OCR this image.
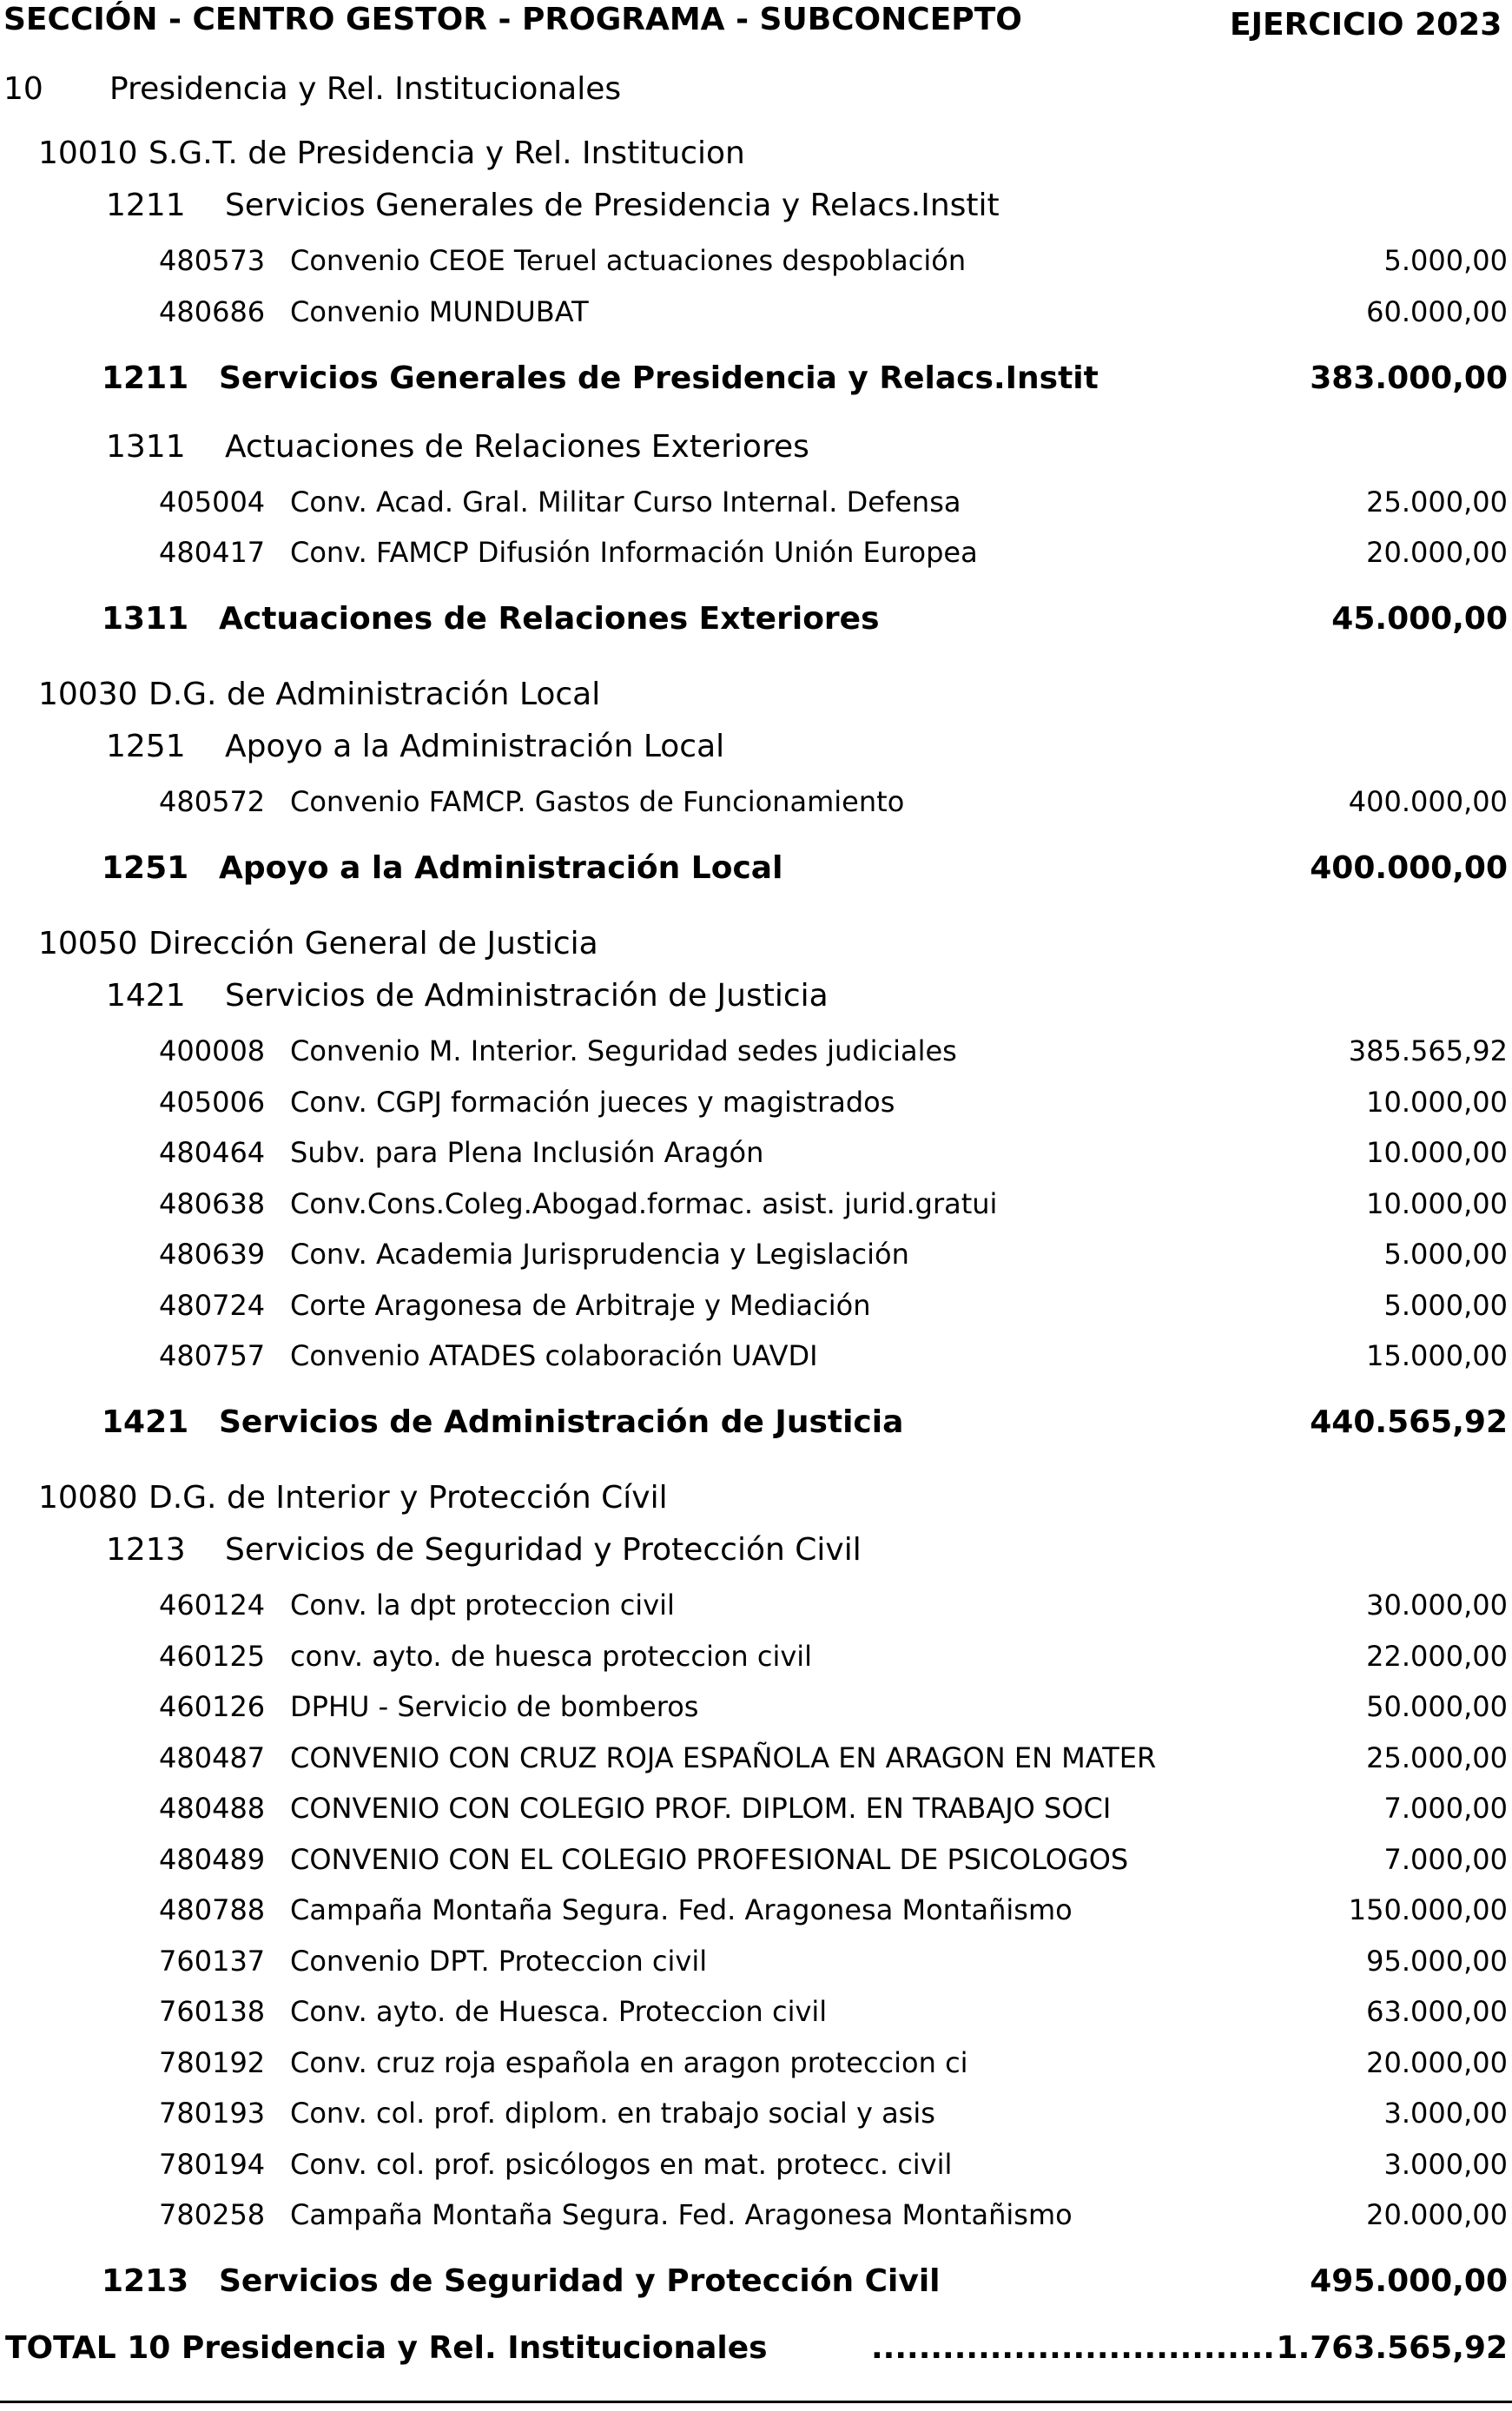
SECCIÓN - CENTRO GESTOR - PROGRAMA - SUBCONCEPTO	EJERCICIO 2023
10 Presidencia y Rel. Institucionales
10010 S.G.T. de Presidencia y Rel. Institucion
1211 Servicios Generales de Presidencia y Relacs.Instit
480573 Convenio CEOE Teruel actuaciones despoblación	5.000,00
480686 Convenio MUNDUBAT	60.000,00
1211 Servicios Generales de Presidencia y Relacs.Instit	383.000,00
1311 Actuaciones de Relaciones Exteriores
405004 Conv. Acad. Gral. Militar Curso Internal. Defensa	25.000,00
480417 Conv. FAMCP Difusión Información Unión Europea	20.000,00
1311 Actuaciones de Relaciones Exteriores	45.000,00
10030 D.G. de Administración Local
1251 Apoyo a la Administración Local
480572 Convenio FAMCP. Gastos de Funcionamiento	400.000,00
1251 Apoyo a la Administración Local	400.000,00
10050 Dirección General de Justicia
1421 Servicios de Administración de Justicia
400008 Convenio M. Interior. Seguridad sedes judiciales	385.565,92
405006 Conv. CGPJ formación jueces y magistrados	10.000,00
480464 Subv. para Plena Inclusión Aragón	10.000,00
480638 Conv.Cons.Coleg.Abogad.formac. asist. jurid.gratui	10.000,00
480639 Conv. Academia Jurisprudencia y Legislación	5.000,00
480724 Corte Aragonesa de Arbitraje y Mediación	5.000,00
480757 Convenio ATADES colaboración UAVDI	15.000,00
1421 Servicios de Administración de Justicia	440.565,92
10080 D.G. de Interior y Protección Cívil
1213 Servicios de Seguridad y Protección Civil
460124 Conv. la dpt proteccion civil	30.000,00
460125 conv. ayto. de huesca proteccion civil	22.000,00
460126 DPHU - Servicio de bomberos	50.000,00
480487 CONVENIO CON CRUZ ROJA ESPAÑOLA EN ARAGON EN MATER	25.000,00
480488 CONVENIO CON COLEGIO PROF. DIPLOM. EN TRABAJO SOCI	7.000,00
480489 CONVENIO CON EL COLEGIO PROFESIONAL DE PSICOLOGOS	7.000,00
480788 Campaña Montaña Segura. Fed. Aragonesa Montañismo	150.000,00
760137 Convenio DPT. Proteccion civil	95.000,00
760138 Conv. ayto. de Huesca. Proteccion civil	63.000,00
780192 Conv. cruz roja española en aragon proteccion ci	20.000,00
780193 Conv. col. prof. diplom. en trabajo social y asis	3.000,00
780194 Conv. col. prof. psicólogos en mat. protecc. civil	3.000,00
780258 Campaña Montaña Segura. Fed. Aragonesa Montañismo	20.000,00
1213 Servicios de Seguridad y Protección Civil	495.000,00
TOTAL 10 Presidencia y Rel. Institucionales	.................................. 1.763.565,92
